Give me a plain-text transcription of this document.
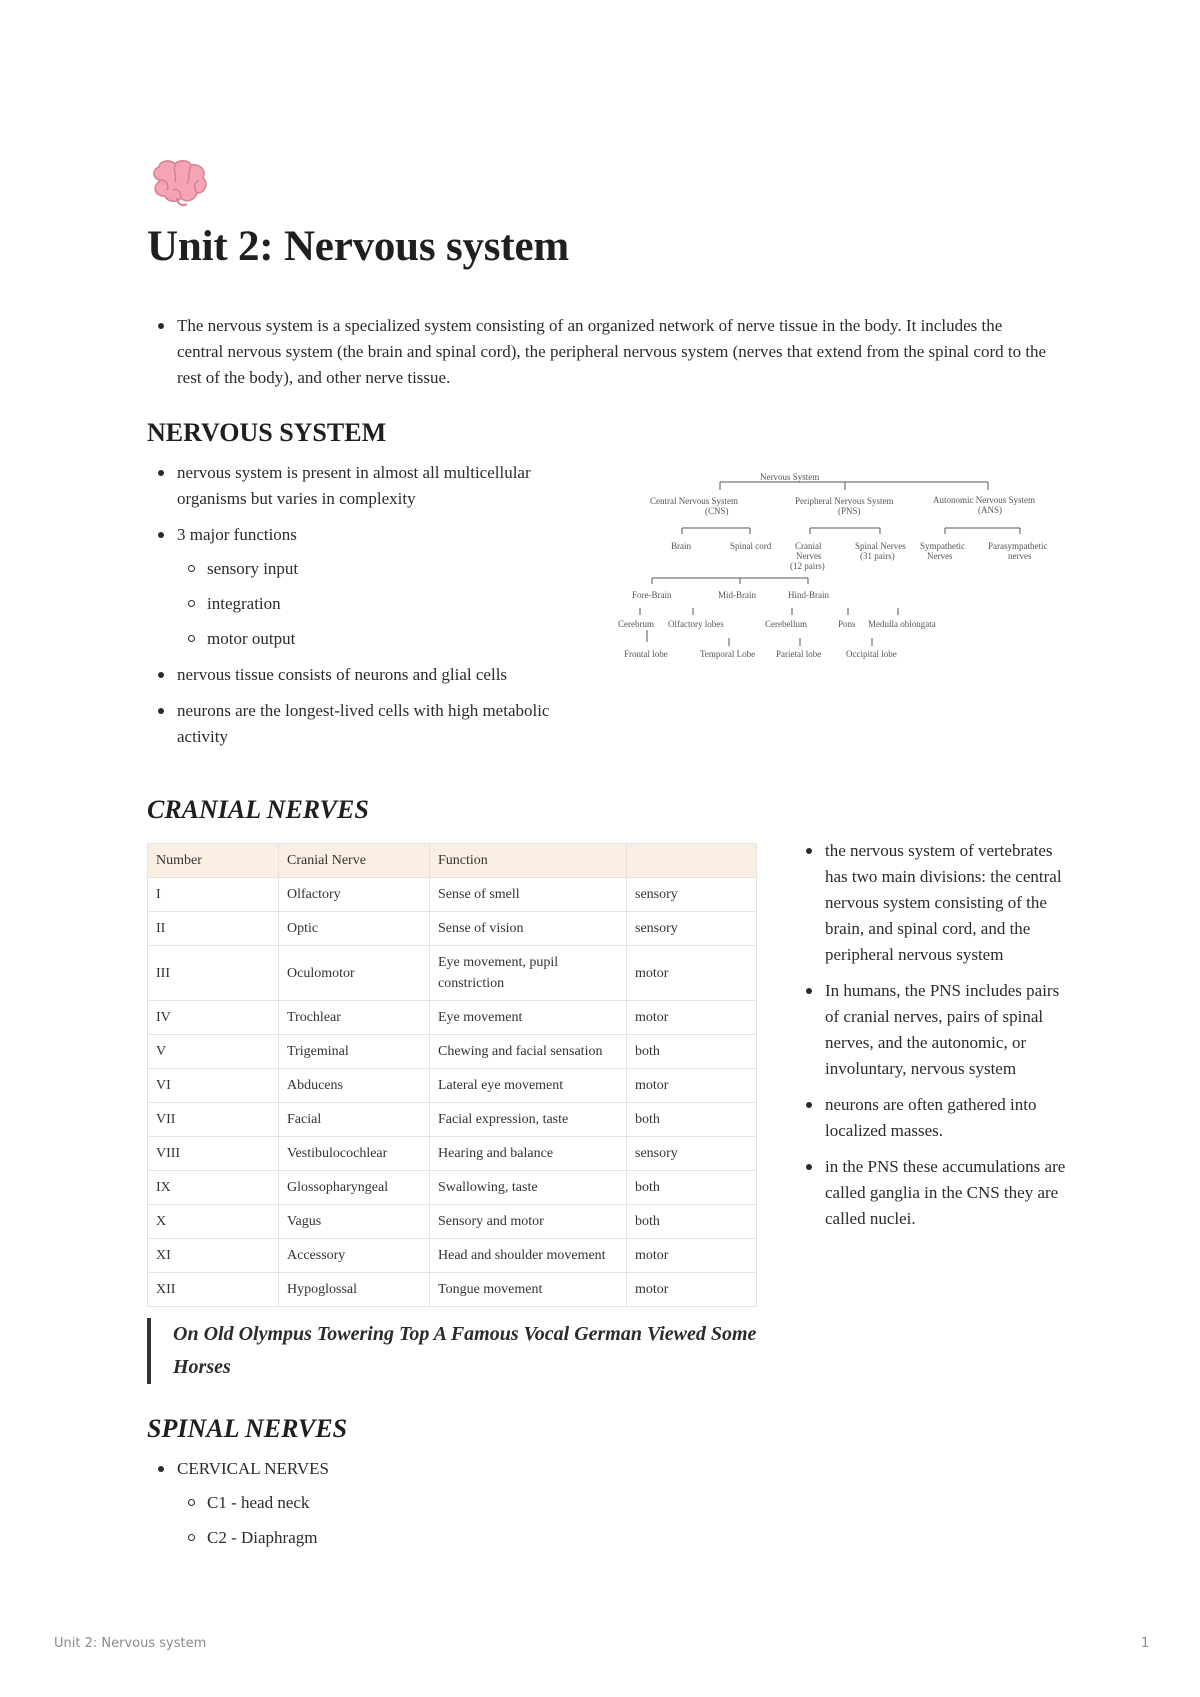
Unit 2: Nervous system
The nervous system is a specialized system consisting of an organized network of nerve tissue in the body. It includes the central nervous system (the brain and spinal cord), the peripheral nervous system (nerves that extend from the spinal cord to the rest of the body), and other nerve tissue.
NERVOUS SYSTEM
nervous system is present in almost all multicellular organisms but varies in complexity
3 major functions
sensory input
integration
motor output
nervous tissue consists of neurons and glial cells
neurons are the longest-lived cells with high metabolic activity
Nervous System
Central Nervous System
(CNS)
Peripheral Nervous System
(PNS)
Autonomic Nervous System
(ANS)
Brain	Spinal cord	Cranial
Nerves
(12 pairs)
Spinal Nerves
(31 pairs)
Sympathetic
Nerves
Parasympathetic
nerves
Fore-Brain	Mid-Brain	Hind-Brain
Cerebrum Olfactory lobes	Cerebellum	Pons Medulla oblongata
Frontal lobe	Temporal Lobe Parietal lobe	Occipital lobe
CRANIAL NERVES
Number	Cranial Nerve	Function	
I	Olfactory	Sense of smell	sensory
II	Optic	Sense of vision	sensory
III	Oculomotor	Eye movement, pupil constriction	motor
IV	Trochlear	Eye movement	motor
V	Trigeminal	Chewing and facial sensation	both
VI	Abducens	Lateral eye movement	motor
VII	Facial	Facial expression, taste	both
VIII	Vestibulocochlear	Hearing and balance	sensory
IX	Glossopharyngeal	Swallowing, taste	both
X	Vagus	Sensory and motor	both
XI	Accessory	Head and shoulder movement	motor
XII	Hypoglossal	Tongue movement	motor
the nervous system of vertebrates has two main divisions: the central nervous system consisting of the brain, and spinal cord, and the peripheral nervous system
In humans, the PNS includes pairs of cranial nerves, pairs of spinal nerves, and the autonomic, or involuntary, nervous system
neurons are often gathered into localized masses.
in the PNS these accumulations are called ganglia in the CNS they are called nuclei.
On Old Olympus Towering Top A Famous Vocal German Viewed Some Horses
SPINAL NERVES
CERVICAL NERVES
C1 - head neck
C2 - Diaphragm
Unit 2: Nervous system	1
